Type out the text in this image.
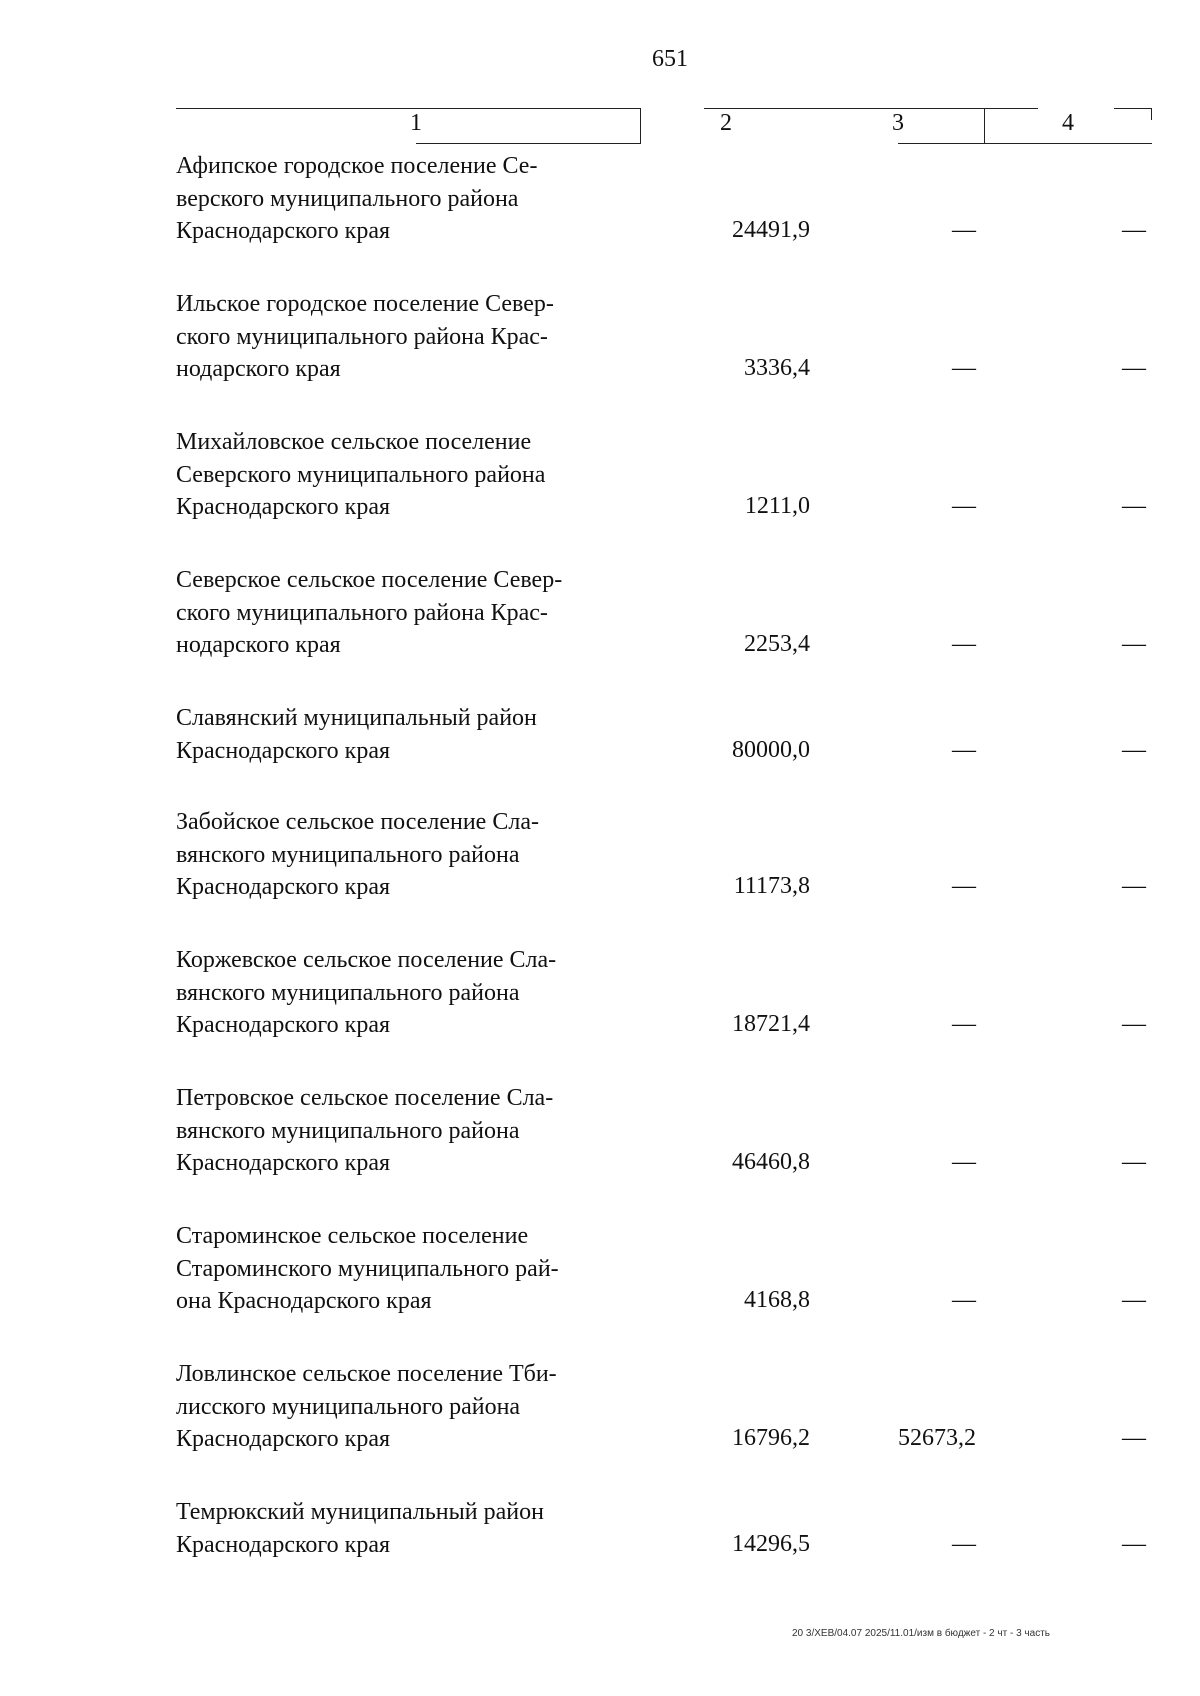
651
1	2	3	4
Афипское городское поселение Се-
верского муниципального района
Краснодарского края	24491,9	—	—
Ильское городское поселение Север-
ского муниципального района Крас-
нодарского края	3336,4	—	—
Михайловское сельское поселение
Северского муниципального района
Краснодарского края	1211,0	—	—
Северское сельское поселение Север-
ского муниципального района Крас-
нодарского края	2253,4	—	—
Славянский муниципальный район
Краснодарского края	80000,0	—	—
Забойское сельское поселение Сла-
вянского муниципального района
Краснодарского края	11173,8	—	—
Коржевское сельское поселение Сла-
вянского муниципального района
Краснодарского края	18721,4	—	—
Петровское сельское поселение Сла-
вянского муниципального района
Краснодарского края	46460,8	—	—
Староминское сельское поселение
Староминского муниципального рай-
она Краснодарского края	4168,8	—	—
Ловлинское сельское поселение Тби-
лисского муниципального района
Краснодарского края	16796,2	52673,2	—
Темрюкский муниципальный район
Краснодарского края	14296,5	—	—
20 3/XEB/04.07 2025/11.01/изм в бюджет - 2 чт - 3 часть
